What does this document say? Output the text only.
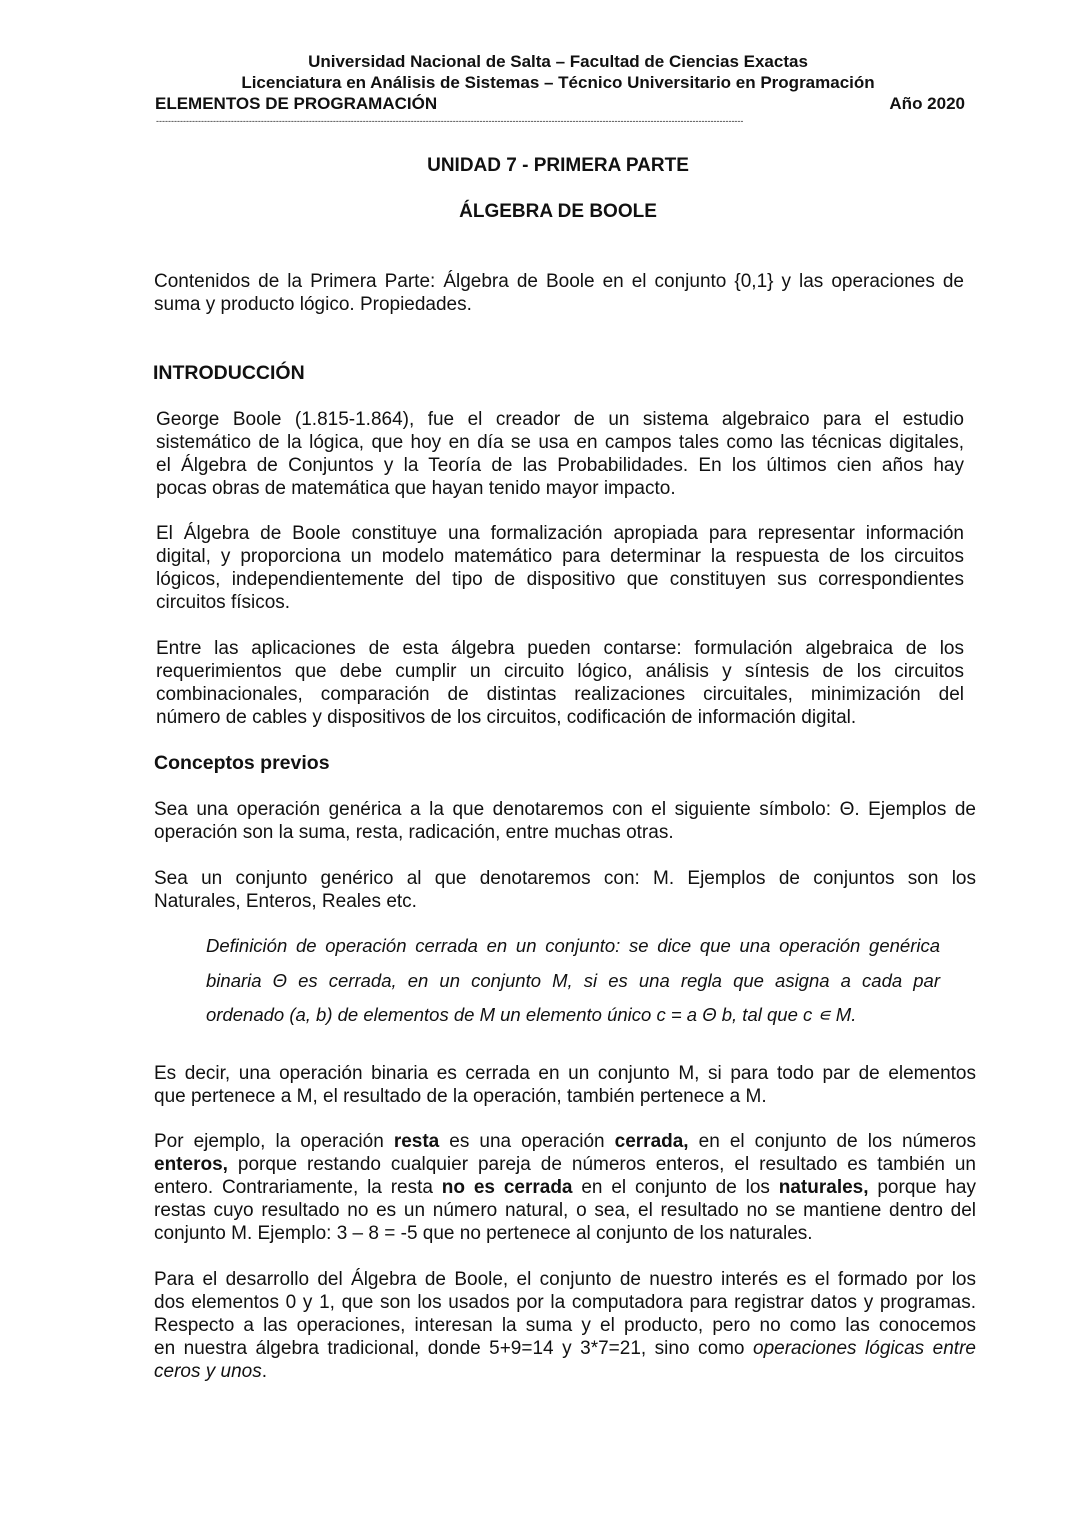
Universidad Nacional de Salta – Facultad de Ciencias Exactas
Licenciatura en Análisis de Sistemas – Técnico Universitario en Programación
ELEMENTOS DE PROGRAMACIÓN	Año 2020
----------------------------------------------------------------------------------------------------------------------------------------------------------------------------------------------------
UNIDAD 7 - PRIMERA PARTE
ÁLGEBRA DE BOOLE
Contenidos de la Primera Parte: Álgebra de Boole en el conjunto {0,1} y las operaciones de
suma y producto lógico. Propiedades.
INTRODUCCIÓN
George Boole (1.815-1.864), fue el creador de un sistema algebraico para el estudio
sistemático de la lógica, que hoy en día se usa en campos tales como las técnicas digitales,
el Álgebra de Conjuntos y la Teoría de las Probabilidades. En los últimos cien años hay
pocas obras de matemática que hayan tenido mayor impacto.
El Álgebra de Boole constituye una formalización apropiada para representar información
digital, y proporciona un modelo matemático para determinar la respuesta de los circuitos
lógicos, independientemente del tipo de dispositivo que constituyen sus correspondientes
circuitos físicos.
Entre las aplicaciones de esta álgebra pueden contarse: formulación algebraica de los
requerimientos que debe cumplir un circuito lógico, análisis y síntesis de los circuitos
combinacionales, comparación de distintas realizaciones circuitales, minimización del
número de cables y dispositivos de los circuitos, codificación de información digital.
Conceptos previos
Sea una operación genérica a la que denotaremos con el siguiente símbolo: Θ. Ejemplos de
operación son la suma, resta, radicación, entre muchas otras.
Sea un conjunto genérico al que denotaremos con: M. Ejemplos de conjuntos son los
Naturales, Enteros, Reales etc.
Definición de operación cerrada en un conjunto: se dice que una operación genérica
binaria Θ es cerrada, en un conjunto M, si es una regla que asigna a cada par
ordenado (a, b) de elementos de M un elemento único c = a Θ b, tal que c ∊ M.
Es decir, una operación binaria es cerrada en un conjunto M, si para todo par de elementos
que pertenece a M, el resultado de la operación, también pertenece a M.
Por ejemplo, la operación resta es una operación cerrada, en el conjunto de los números
enteros, porque restando cualquier pareja de números enteros, el resultado es también un
entero. Contrariamente, la resta no es cerrada en el conjunto de los naturales, porque hay
restas cuyo resultado no es un número natural, o sea, el resultado no se mantiene dentro del
conjunto M. Ejemplo: 3 – 8 = -5 que no pertenece al conjunto de los naturales.
Para el desarrollo del Álgebra de Boole, el conjunto de nuestro interés es el formado por los
dos elementos 0 y 1, que son los usados por la computadora para registrar datos y programas.
Respecto a las operaciones, interesan la suma y el producto, pero no como las conocemos
en nuestra álgebra tradicional, donde 5+9=14 y 3*7=21, sino como operaciones lógicas entre
ceros y unos.
